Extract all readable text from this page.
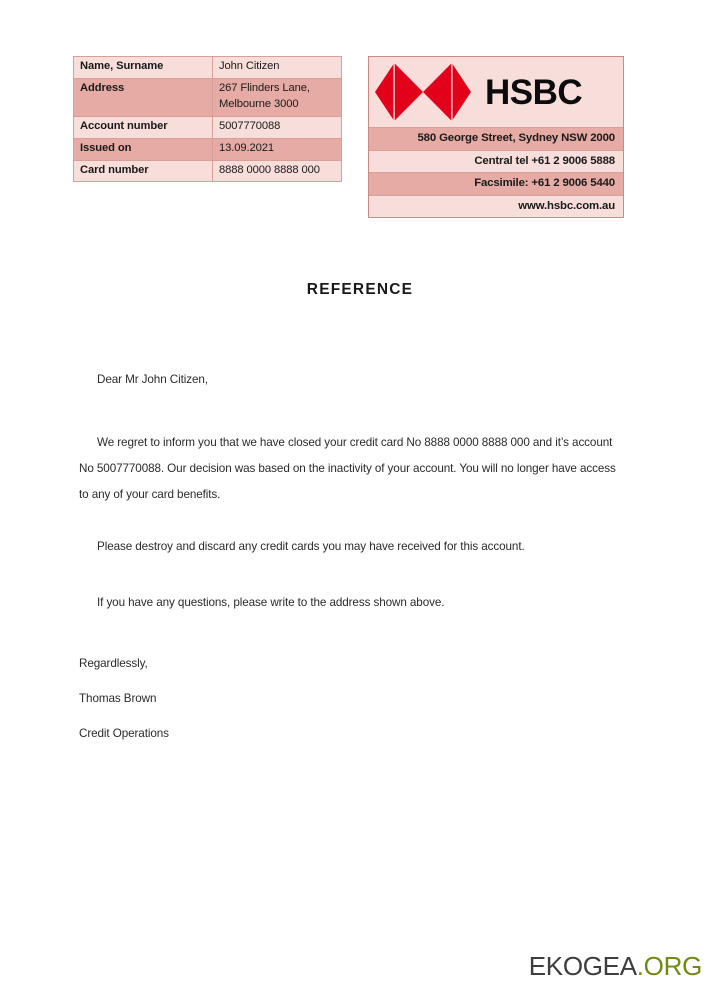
Name, Surname	John Citizen
Address	267 Flinders Lane,
Melbourne 3000

Account number	5007770088
Issued on	13.09.2021
Card number	8888 0000 8888 000
HSBC
580 George Street, Sydney NSW 2000
Central tel +61 2 9006 5888
Facsimile: +61 2 9006 5440
www.hsbc.com.au
REFERENCE

Dear Mr John Citizen,

We regret to inform you that we have closed your credit card No 8888 0000 8888 000 and it’s account No 5007770088. Our decision was based on the inactivity of your account. You will no longer have access to any of your card benefits.

Please destroy and discard any credit cards you may have received for this account.

If you have any questions, please write to the address shown above.

Regardlessly,

Thomas Brown

Credit Operations

EKOGEA.ORG
